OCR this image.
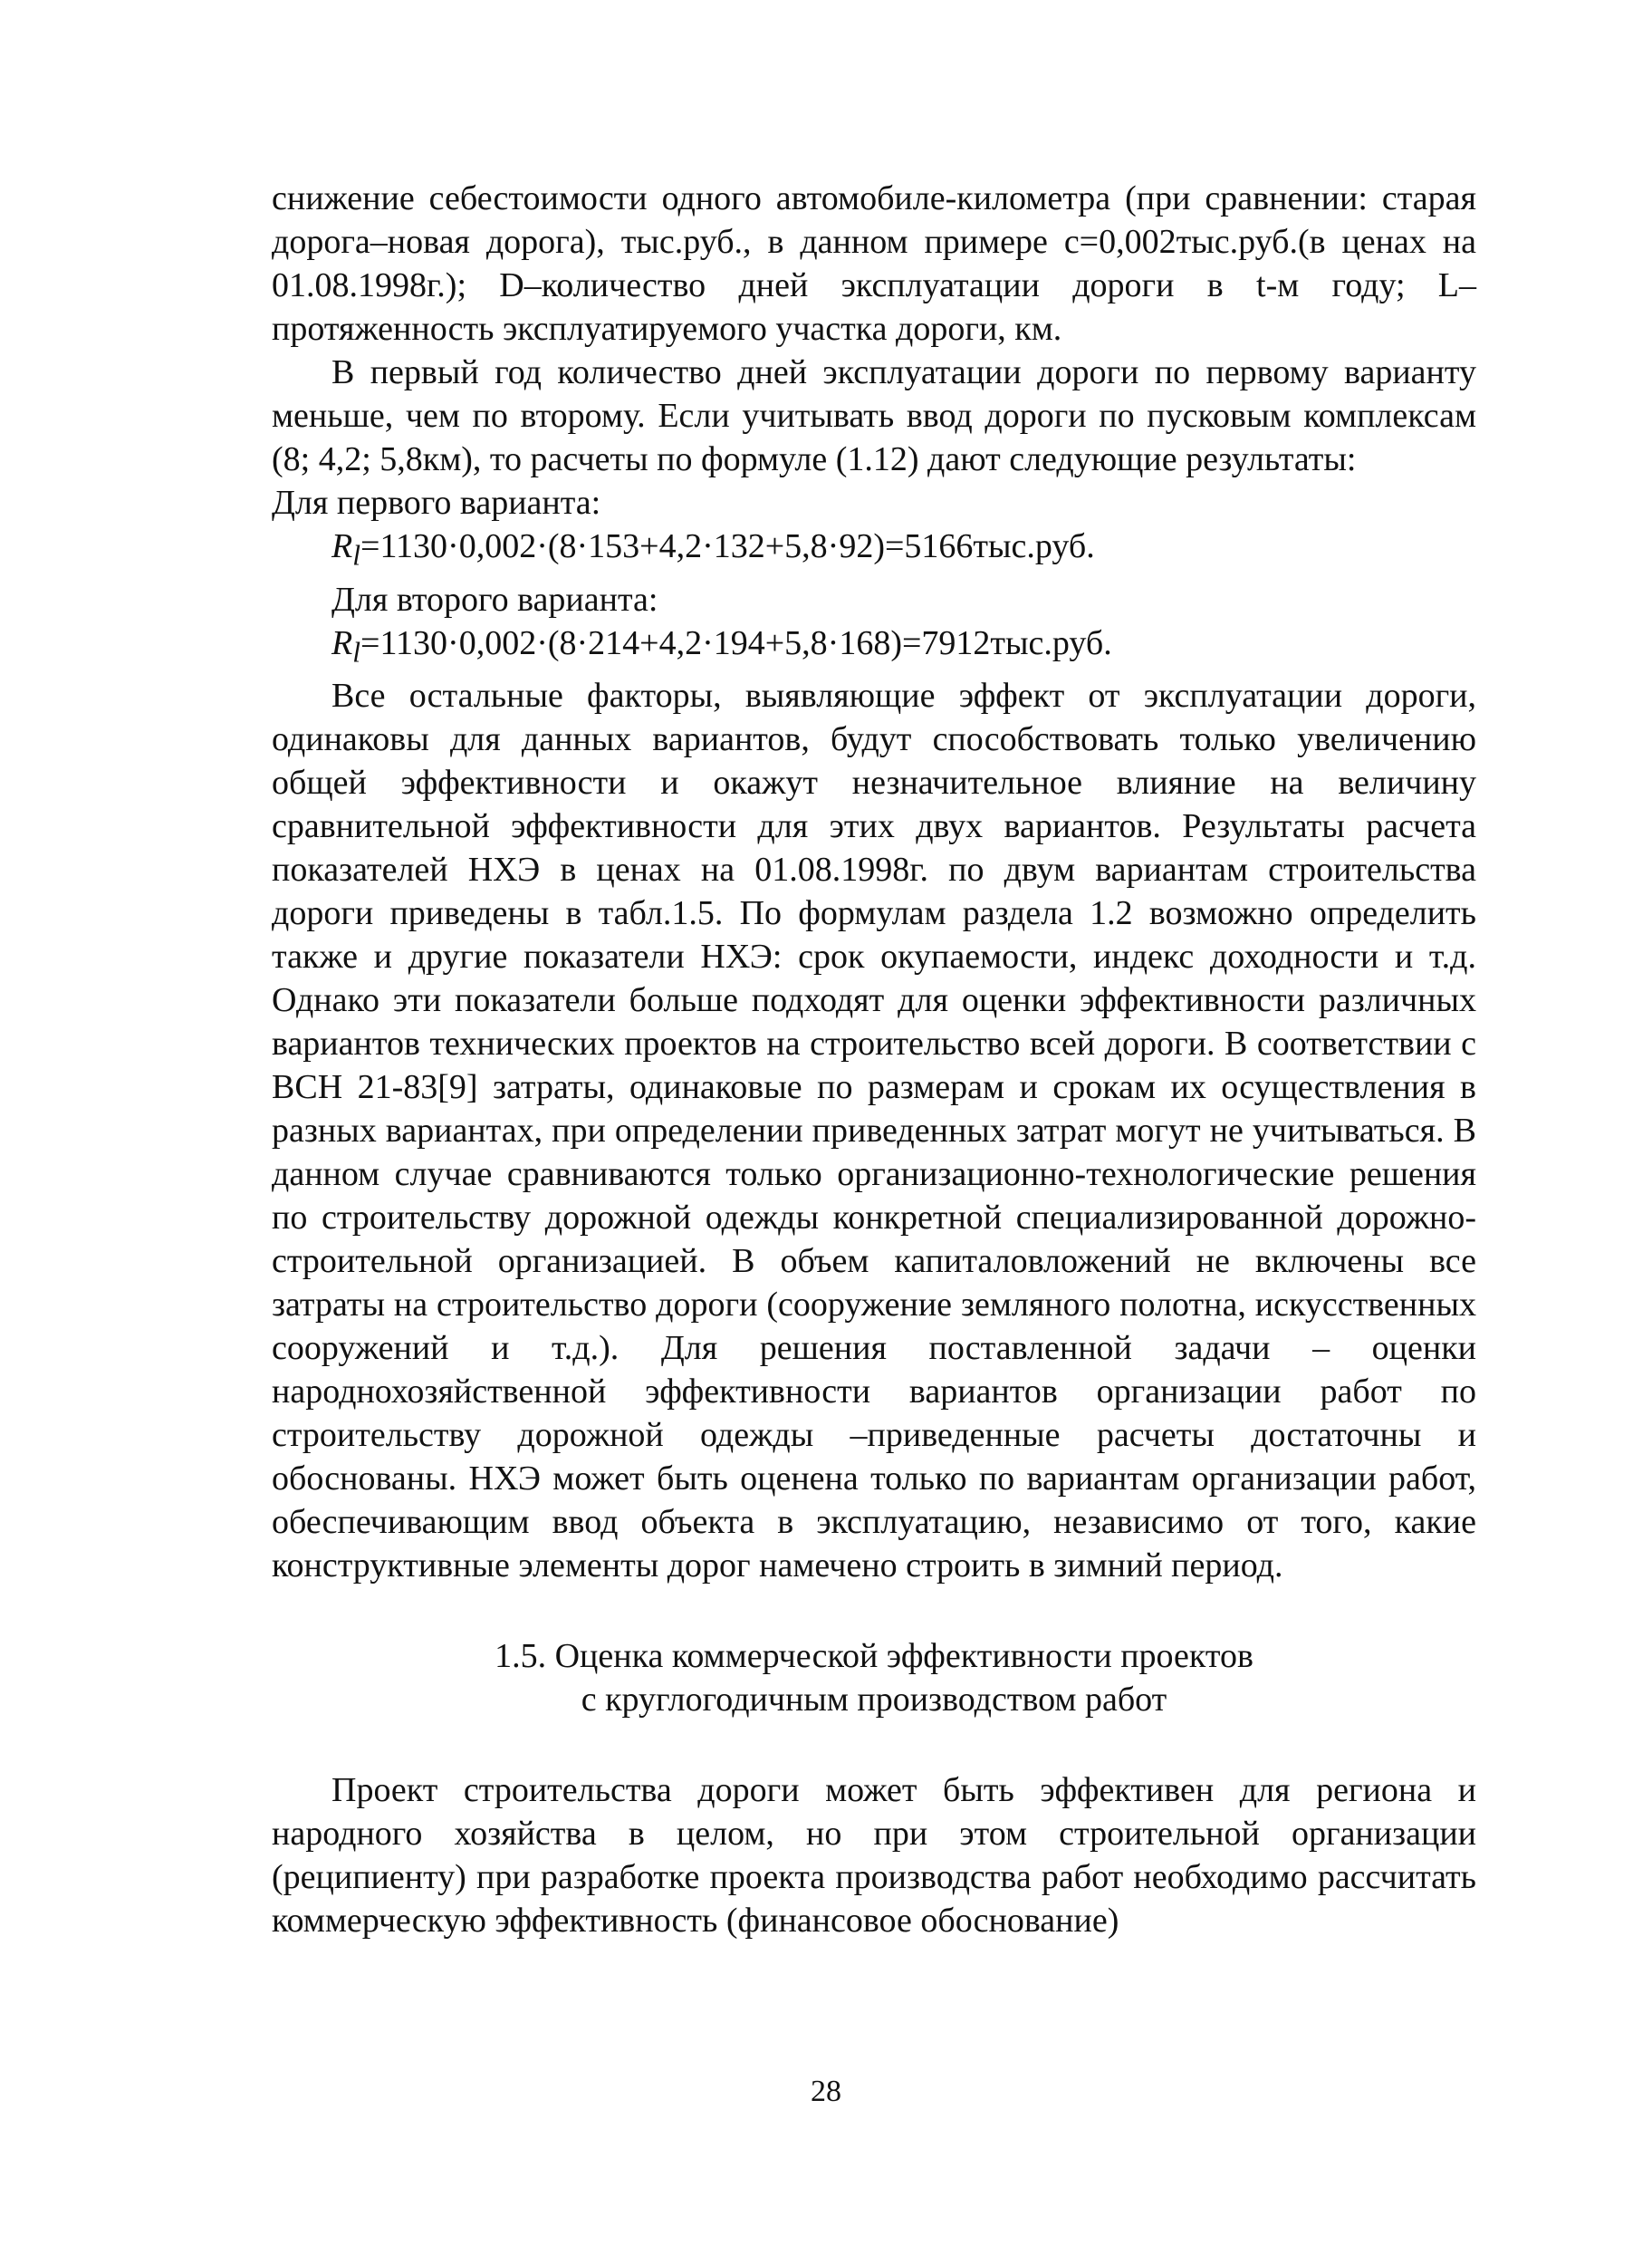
снижение себестоимости одного автомобиле-километра (при сравнении: старая дорога–новая дорога), тыс.руб., в данном примере c=0,002тыс.руб.(в ценах на 01.08.1998г.); D–количество дней эксплуатации дороги в t-м году; L–протяженность эксплуатируемого участка дороги, км.

В первый год количество дней эксплуатации дороги по первому варианту меньше, чем по второму. Если учитывать ввод дороги по пусковым комплексам (8; 4,2; 5,8км), то расчеты по формуле (1.12) дают следующие результаты:

Для первого варианта:

$R_l=1130\cdot 0,002\cdot(8\cdot 153+4,2\cdot 132+5,8\cdot 92)=5166тыс.руб$.

Для второго варианта:

$R_l=1130\cdot 0,002\cdot(8\cdot 214+4,2\cdot 194+5,8\cdot 168)=7912тыс.руб$.

Все остальные факторы, выявляющие эффект от эксплуатации дороги, одинаковы для данных вариантов, будут способствовать только увеличению общей эффективности и окажут незначительное влияние на величину сравнительной эффективности для этих двух вариантов. Результаты расчета показателей НХЭ в ценах на 01.08.1998г. по двум вариантам строительства дороги приведены в табл.1.5. По формулам раздела 1.2 возможно определить также и другие показатели НХЭ: срок окупаемости, индекс доходности и т.д. Однако эти показатели больше подходят для оценки эффективности различных вариантов технических проектов на строительство всей дороги. В соответствии с ВСН 21-83[9] затраты, одинаковые по размерам и срокам их осуществления в разных вариантах, при определении приведенных затрат могут не учитываться. В данном случае сравниваются только организационно-технологические решения по строительству дорожной одежды конкретной специализированной дорожно-строительной организацией. В объем капиталовложений не включены все затраты на строительство дороги (сооружение земляного полотна, искусственных сооружений и т.д.). Для решения поставленной задачи – оценки народнохозяйственной эффективности вариантов организации работ по строительству дорожной одежды –приведенные расчеты достаточны и обоснованы. НХЭ может быть оценена только по вариантам организации работ, обеспечивающим ввод объекта в эксплуатацию, независимо от того, какие конструктивные элементы дорог намечено строить в зимний период.

1.5. Оценка коммерческой эффективности проектов

с круглогодичным производством работ

Проект строительства дороги может быть эффективен для региона и народного хозяйства в целом, но при этом строительной организации (реципиенту) при разработке проекта производства работ необходимо рассчитать коммерческую эффективность (финансовое обоснование)

28
